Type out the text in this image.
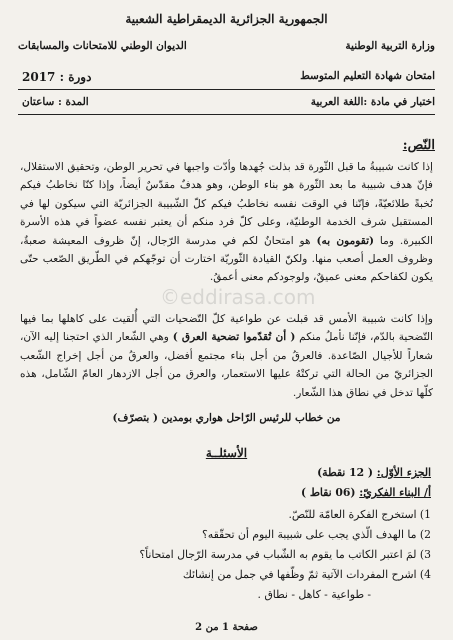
الجمهورية الجزائرية الديمقراطية الشعبية
وزارة التربية الوطنية
الديوان الوطني للامتحانات والمسابقات
امتحان شهادة التعليم المتوسط
دورة : 2017
اختبار في مادة :اللغة العربية
المدة : ساعتان
النّص:
إذا كانت شبيبةُ ما قبل الثّورة قد بذلت جُهدها وأدّت واجبها في تحرير الوطن، وتحقيق الاستقلال، فإنّ هدف شبيبة ما بعد الثّورة هو بناء الوطن، وهو هدفٌ مقدّسٌ أيضاً، وإذا كنّا نخاطبُ فيكم نُخبةً طلائعيّةً، فإنّنا في الوقت نفسه نخاطبُ فيكم كلّ الشّبيبة الجزائريّة التي سيكون لها في المستقبل شرف الخدمة الوطنيّة، وعلى كلّ فرد منكم أن يعتبر نفسه عضواً في هذه الأسرة الكبيرة. وما (تقومون به) هو امتحانٌ لكم في مدرسة الرّجال، إنّ ظروف المعيشة صعبةٌ، وظروف العمل أصعب منها. ولكنّ القيادة الثّوريّة اختارت أن توجّهكم في الطّريق الصّعب حتّى يكون لكفاحكم معنى عميقٌ، ولوجودكم معنى أعمقُ.
وإذا كانت شبيبة الأمس قد قبلت عن طواعية كلّ التّضحيات التي أُلقيت على كاهلها بما فيها التّضحية بالدّم، فإنّنا نأملُ منكم ( أن تُقدّموا تضحية العرق ) وهي الشّعار الذي احتجنا إليه الآن، شعاراً للأجيال الصّاعدة. فالعرقُ من أجل بناء مجتمع أفضل، والعرقُ من أجل إخراج الشّعب الجزائريّ من الحالة التي تركتْهُ عليها الاستعمار، والعرق من أجل الازدهار العامّ الشّامل، هذه كلّها تدخل في نطاق هذا الشّعار.
©eddirasa.com
من خطاب للرئيس الرّاحل هواري بومدين ( بتصرّف)
الأسئلــة
الجزء الأوّل: ( 12 نقطة)
أ/ البناء الفكريّ: (06 نقاط )
1) استخرج الفكرة العامّة للنّصّ.
2) ما الهدف الّذي يجب على شبيبة اليوم أن تحقّقه؟
3) لمَ اعتبر الكاتب ما يقوم به الشّباب في مدرسة الرّجال امتحاناً؟
4) اشرح المفردات الآتية ثمّ وظّفها في جمل من إنشائك
- طواعية - كاهل - نطاق .
صفحة 1 من 2
